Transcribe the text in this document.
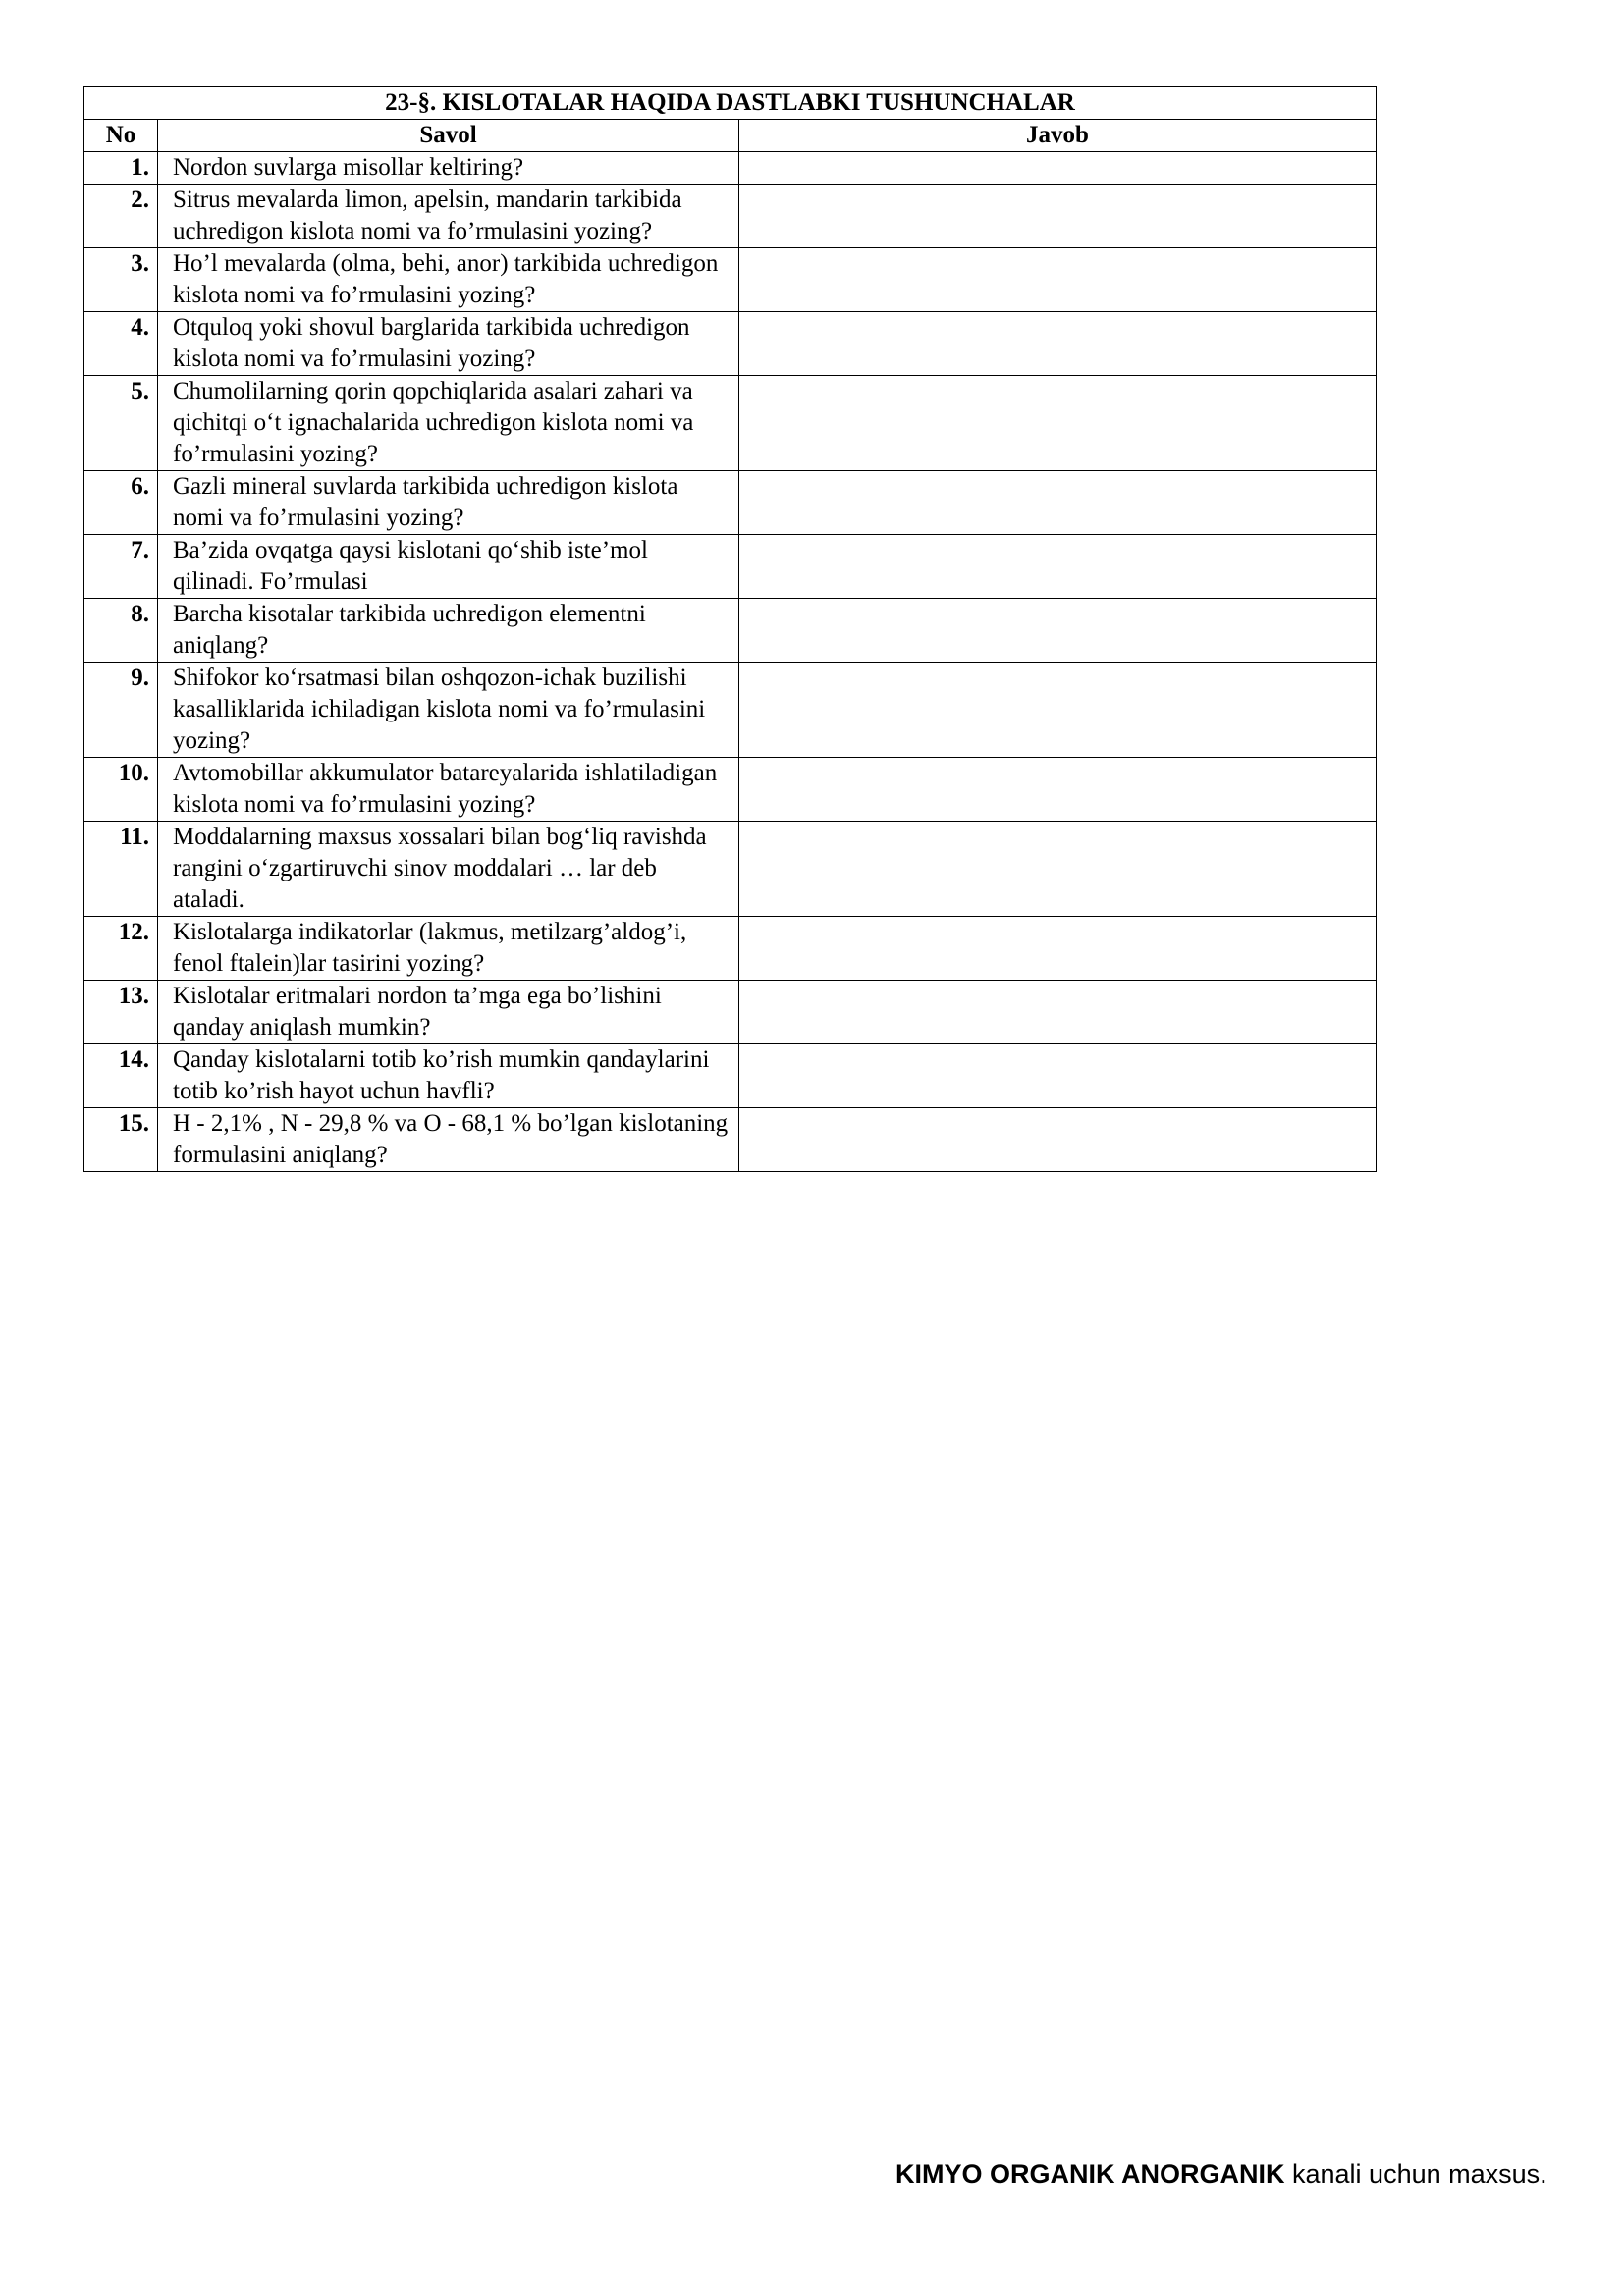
23-§. KISLOTALAR HAQIDA DASTLABKI TUSHUNCHALAR		
No	Savol	Javob
1.	Nordon suvlarga misollar keltiring?	
2.	Sitrus mevalarda limon, apelsin, mandarin tarkibida uchredigon kislota nomi va fo’rmulasini yozing?	
3.	Ho’l mevalarda (olma, behi, anor) tarkibida uchredigon kislota nomi va fo’rmulasini yozing?	
4.	Otquloq yoki shovul barglarida tarkibida uchredigon kislota nomi va fo’rmulasini yozing?	
5.	Chumolilarning qorin qopchiqlarida asalari zahari va qichitqi o‘t ignachalarida uchredigon kislota nomi va fo’rmulasini yozing?	
6.	Gazli mineral suvlarda tarkibida uchredigon kislota nomi va fo’rmulasini yozing?	
7.	Ba’zida ovqatga qaysi kislotani qo‘shib iste’mol qilinadi. Fo’rmulasi	
8.	Barcha kisotalar tarkibida uchredigon elementni aniqlang?	
9.	Shifokor ko‘rsatmasi bilan oshqozon-ichak buzilishi kasalliklarida ichiladigan kislota nomi va fo’rmulasini yozing?	
10.	Avtomobillar akkumulator batareyalarida ishlatiladigan kislota nomi va fo’rmulasini yozing?	
11.	Moddalarning maxsus xossalari bilan bog‘liq ravishda rangini o‘zgartiruvchi sinov moddalari … lar deb ataladi.	
12.	Kislotalarga indikatorlar (lakmus, metilzarg’aldog’i, fenol ftalein)lar tasirini yozing?	
13.	Kislotalar eritmalari nordon ta’mga ega bo’lishini qanday aniqlash mumkin?	
14.	Qanday kislotalarni totib ko’rish mumkin qandaylarini totib ko’rish hayot uchun havfli?	
15.	H - 2,1% , N - 29,8 % va O - 68,1 % bo’lgan kislotaning formulasini aniqlang?	
KIMYO ORGANIK ANORGANIK kanali uchun maxsus.
